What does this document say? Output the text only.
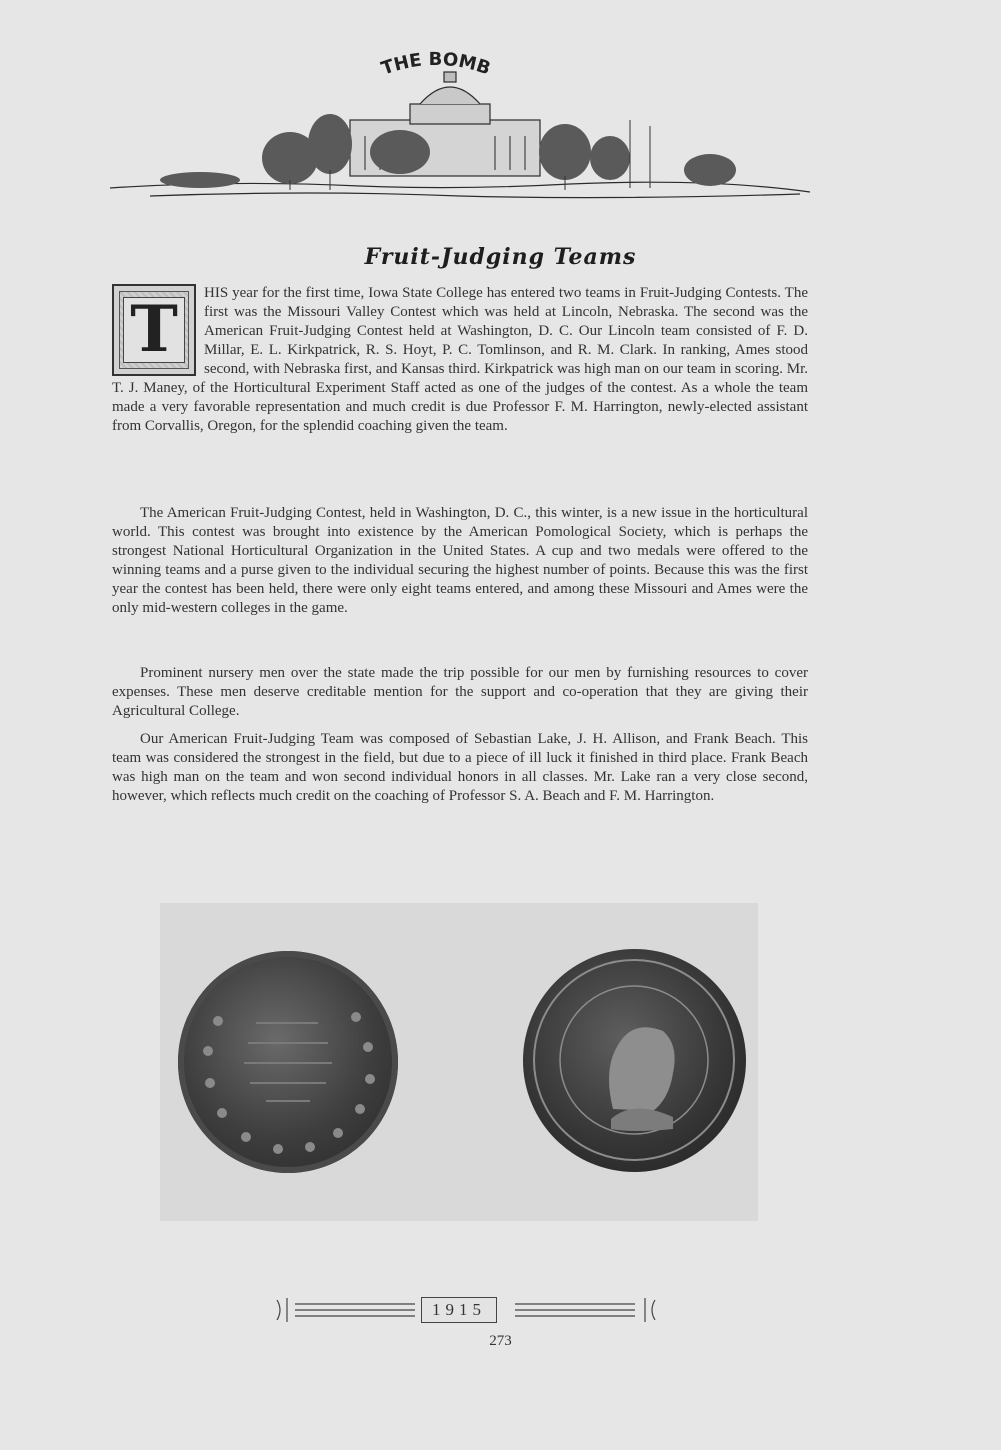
THE BOMB
Fruit-Judging Teams
T	HIS year for the first time, Iowa State College has entered two teams in Fruit-Judging Contests. The first was the Missouri Valley Contest which was held at Lincoln, Nebraska. The second was the American Fruit-Judging Contest held at Washington, D. C. Our Lincoln team consisted of F. D. Millar, E. L. Kirkpatrick, R. S. Hoyt, P. C. Tomlinson, and R. M. Clark. In ranking, Ames stood second, with Nebraska first, and Kansas third. Kirkpatrick was high man on our team in scoring. Mr. T. J. Maney, of the Horticultural Experiment Staff acted as one of the judges of the contest. As a whole the team made a very favorable representation and much credit is due Professor F. M. Harrington, newly-elected assistant from Corvallis, Oregon, for the splendid coaching given the team.
The American Fruit-Judging Contest, held in Washington, D. C., this winter, is a new issue in the horticultural world. This contest was brought into existence by the American Pomological Society, which is perhaps the strongest National Horticultural Organization in the United States. A cup and two medals were offered to the winning teams and a purse given to the individual securing the highest number of points. Because this was the first year the contest has been held, there were only eight teams entered, and among these Missouri and Ames were the only mid-western colleges in the game.
Prominent nursery men over the state made the trip possible for our men by furnishing resources to cover expenses. These men deserve creditable mention for the support and co-operation that they are giving their Agricultural College.
Our American Fruit-Judging Team was composed of Sebastian Lake, J. H. Allison, and Frank Beach. This team was considered the strongest in the field, but due to a piece of ill luck it finished in third place. Frank Beach was high man on the team and won second individual honors in all classes. Mr. Lake ran a very close second, however, which reflects much credit on the coaching of Professor S. A. Beach and F. M. Harrington.
1915
273
